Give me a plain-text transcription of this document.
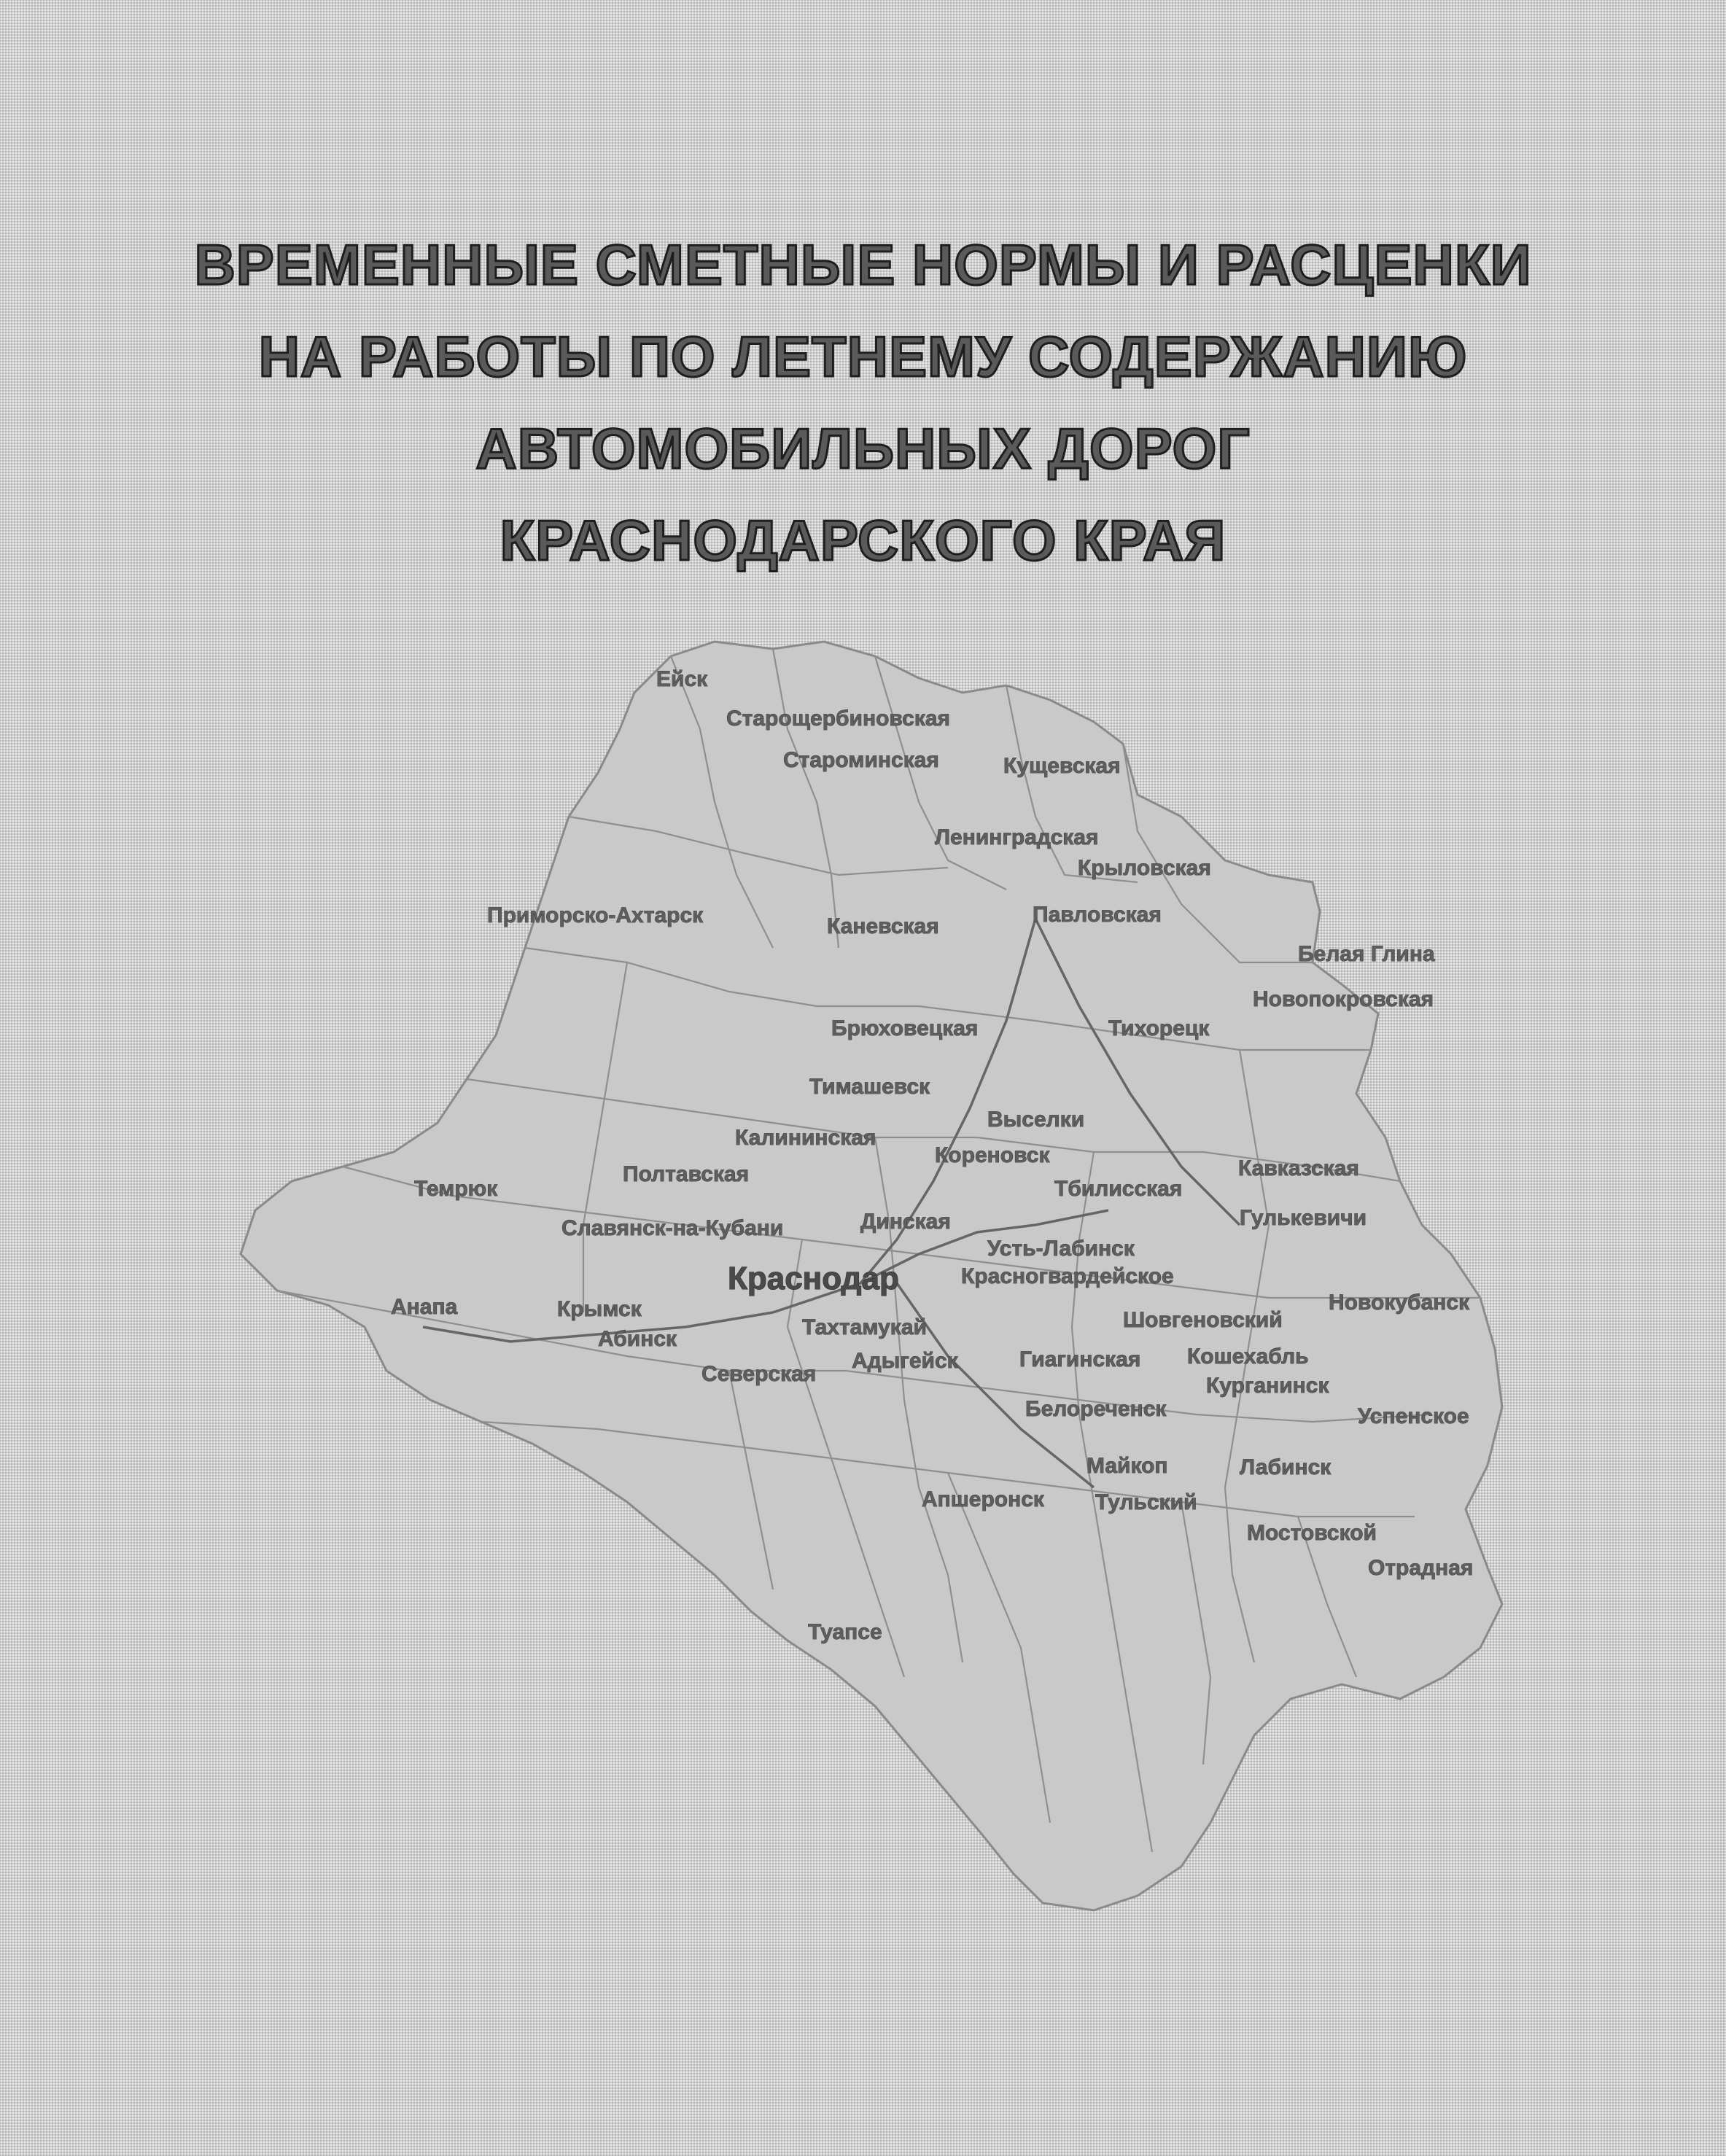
ВРЕМЕННЫЕ СМЕТНЫЕ НОРМЫ И РАСЦЕНКИ
НА РАБОТЫ ПО ЛЕТНЕМУ СОДЕРЖАНИЮ
АВТОМОБИЛЬНЫХ ДОРОГ
КРАСНОДАРСКОГО КРАЯ
Ейск
Старощербиновская
Староминская	Кущевская
Ленинградская
Крыловская
Приморско-Ахтарск	Каневская	Павловская
Белая Глина
Новопокровская
Брюховецкая	Тихорецк
Тимашевск
Выселки
Калининская
Кореновск
Темрюк
Полтавская
Тбилисская
Кавказская
Славянск-на-Кубани	Динская	Гулькевичи
Усть-Лабинск
Красногвардейское
Краснодар
Анапа	Крымск	Новокубанск
Тахтамукай	Шовгеновский
Абинск
Гиагинская Кошехабль
Северская
Адыгейск
Курганинск
Белореченск	Успенское
Майкоп	Лабинск
Апшеронск Тульский
Мостовской
Отрадная
Туапсе
